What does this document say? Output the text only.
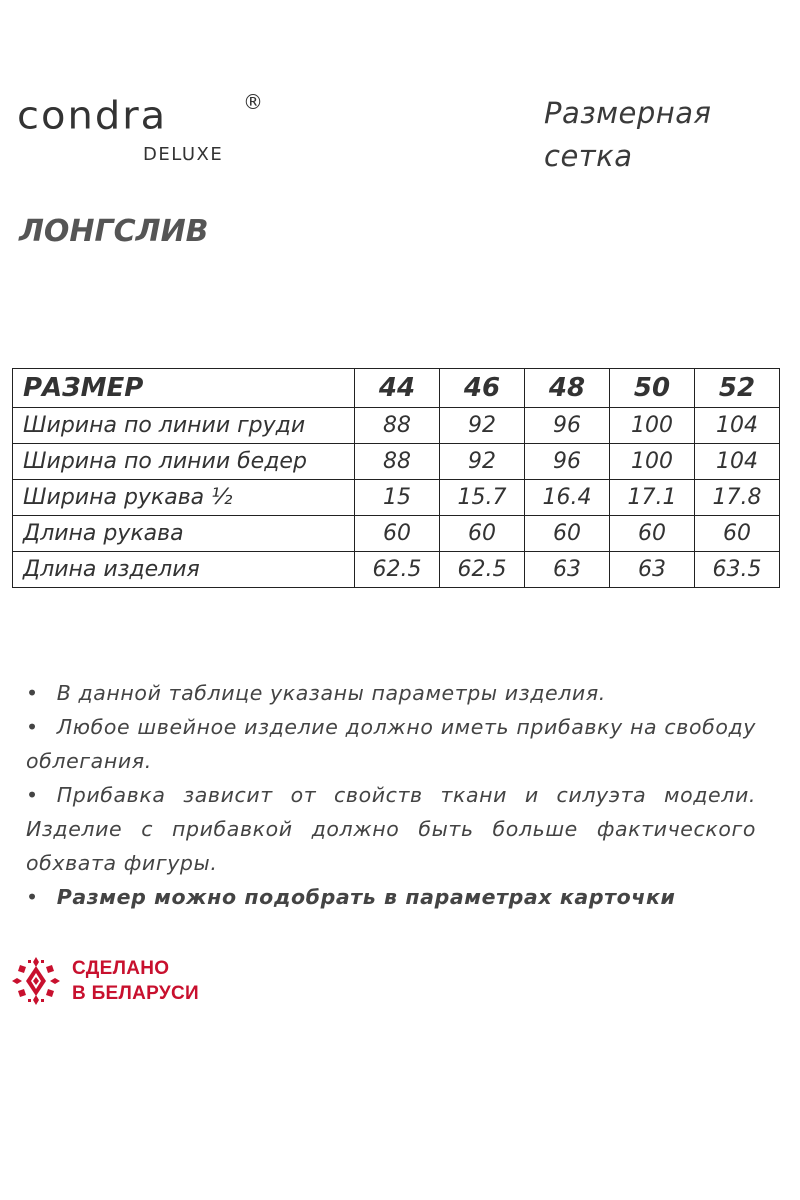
condra	®
DELUXE
Размерная
сетка
ЛОНГСЛИВ
РАЗМЕР	44	46	48	50	52
Ширина по линии груди	88	92	96	100	104
Ширина по линии бедер	88	92	96	100	104
Ширина рукава ½	15	15.7	16.4	17.1	17.8
Длина рукава	60	60	60	60	60
Длина изделия	62.5	62.5	63	63	63.5

• В данной таблице указаны параметры изделия.

• Любое швейное изделие должно иметь прибавку на свободу облегания.

• Прибавка зависит от свойств ткани и силуэта модели. Изделие с прибавкой должно быть больше фактического обхвата фигуры.

• Размер можно подобрать в параметрах карточки

СДЕЛАНО
В БЕЛАРУСИ
